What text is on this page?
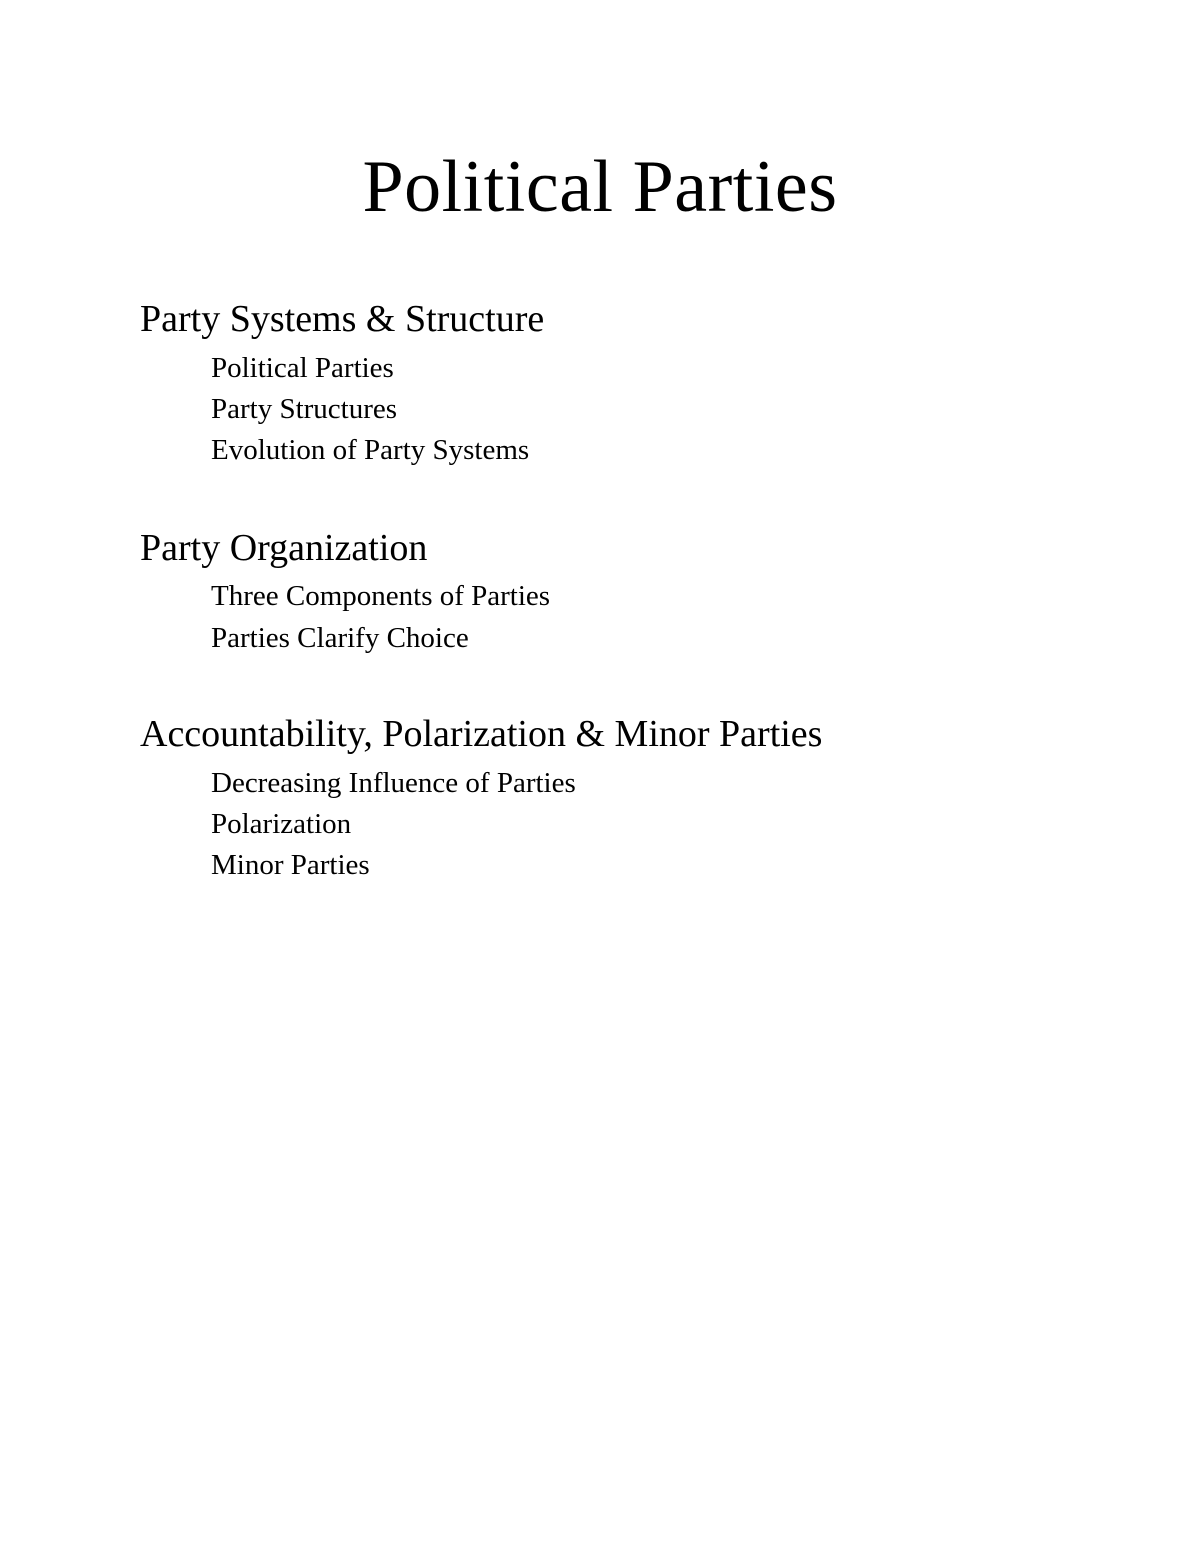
Political Parties
Party Systems & Structure
Political Parties
Party Structures
Evolution of Party Systems
Party Organization
Three Components of Parties
Parties Clarify Choice
Accountability, Polarization & Minor Parties
Decreasing Influence of Parties
Polarization
Minor Parties
